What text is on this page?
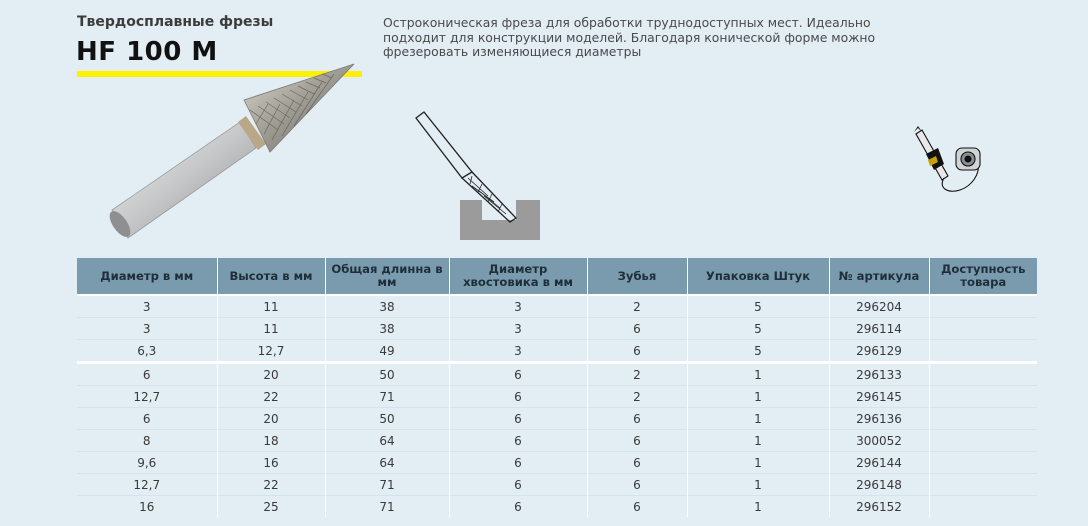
Твердосплавные фрезы
HF 100 M
Остроконическая фреза для обработки труднодоступных мест. Идеально подходит для конструкции моделей. Благодаря конической форме можно фрезеровать изменяющиеся диаметры
Диаметр в мм	Высота в мм	Общая длинна в мм	Диаметр хвостовика в мм	Зубья	Упаковка Штук	№ артикула	Доступность товара
3	11	38	3	2	5	296204	
3	11	38	3	6	5	296114	
6,3	12,7	49	3	6	5	296129	
6	20	50	6	2	1	296133	
12,7	22	71	6	2	1	296145	
6	20	50	6	6	1	296136	
8	18	64	6	6	1	300052	
9,6	16	64	6	6	1	296144	
12,7	22	71	6	6	1	296148	
16	25	71	6	6	1	296152	
